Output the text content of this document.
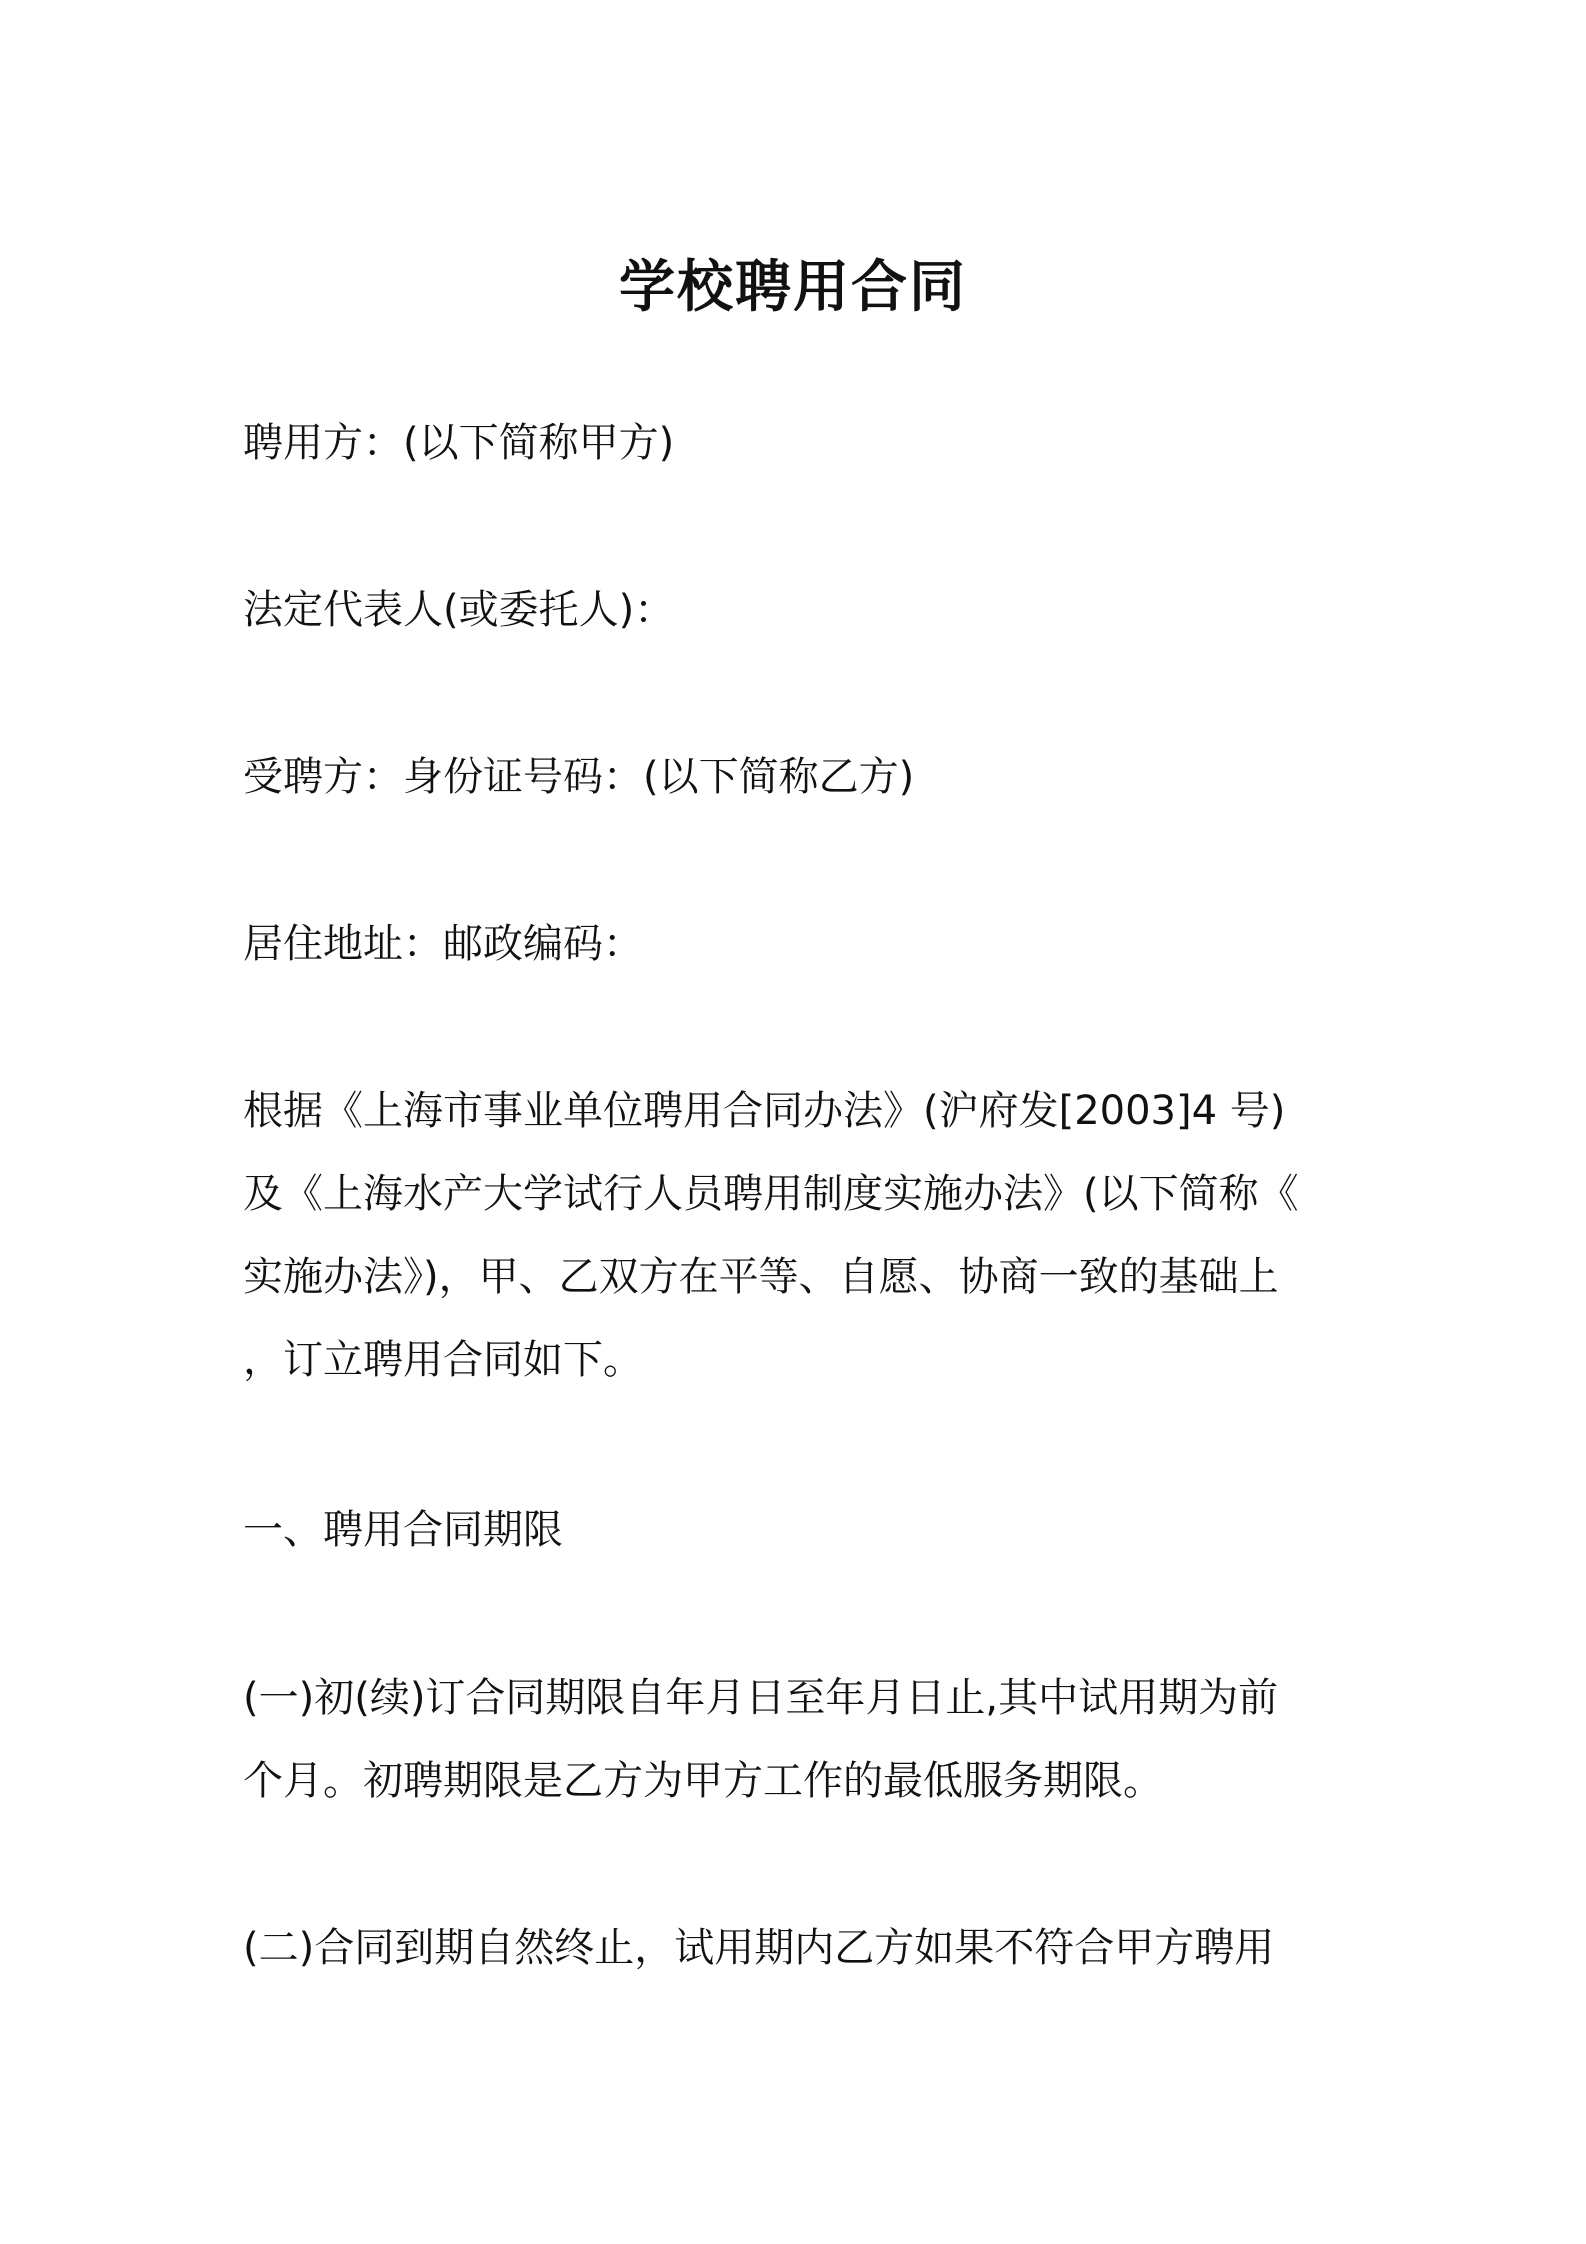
学校聘用合同

聘用方：(以下简称甲方)

法定代表人(或委托人)：

受聘方：身份证号码：(以下简称乙方)

居住地址：邮政编码：

根据《上海市事业单位聘用合同办法》(沪府发[2003]4 号)
及《上海水产大学试行人员聘用制度实施办法》(以下简称《
实施办法》)，甲、乙双方在平等、自愿、协商一致的基础上
，订立聘用合同如下。

一、聘用合同期限

(一)初(续)订合同期限自年月日至年月日止,其中试用期为前
个月。初聘期限是乙方为甲方工作的最低服务期限。
(二)合同到期自然终止，试用期内乙方如果不符合甲方聘用
